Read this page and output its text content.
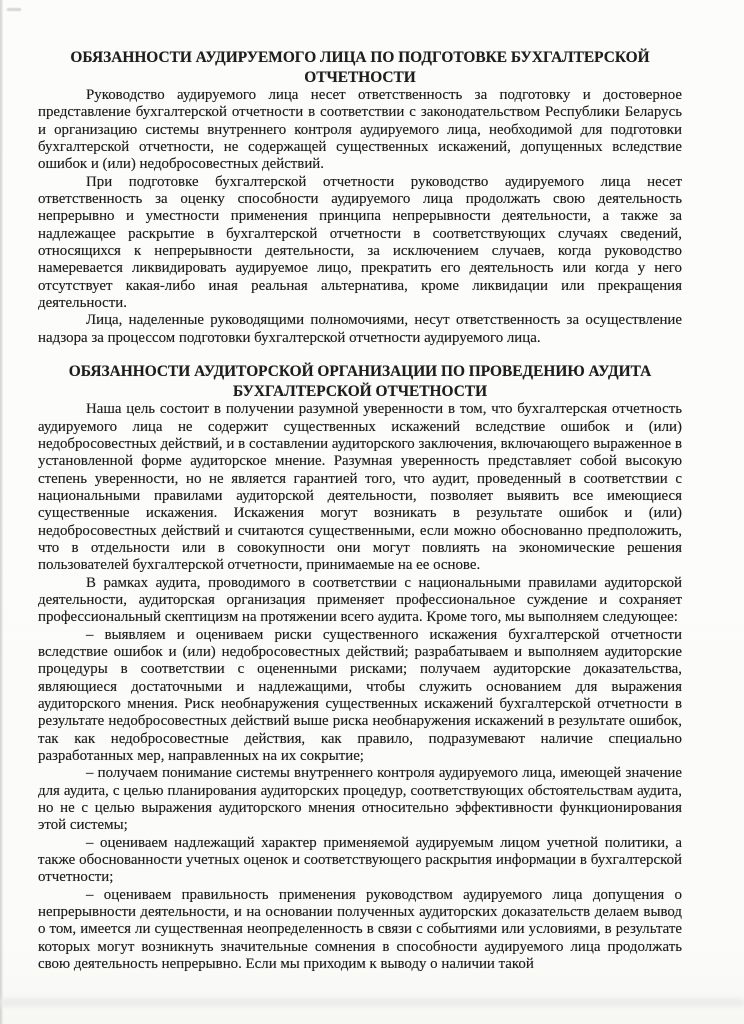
ОБЯЗАННОСТИ АУДИРУЕМОГО ЛИЦА ПО ПОДГОТОВКЕ БУХГАЛТЕРСКОЙ ОТЧЕТНОСТИ

Руководство аудируемого лица несет ответственность за подготовку и достоверное представление бухгалтерской отчетности в соответствии с законодательством Республики Беларусь и организацию системы внутреннего контроля аудируемого лица, необходимой для подготовки бухгалтерской отчетности, не содержащей существенных искажений, допущенных вследствие ошибок и (или) недобросовестных действий.

При подготовке бухгалтерской отчетности руководство аудируемого лица несет ответственность за оценку способности аудируемого лица продолжать свою деятельность непрерывно и уместности применения принципа непрерывности деятельности, а также за надлежащее раскрытие в бухгалтерской отчетности в соответствующих случаях сведений, относящихся к непрерывности деятельности, за исключением случаев, когда руководство намеревается ликвидировать аудируемое лицо, прекратить его деятельность или когда у него отсутствует какая-либо иная реальная альтернатива, кроме ликвидации или прекращения деятельности.

Лица, наделенные руководящими полномочиями, несут ответственность за осуществление надзора за процессом подготовки бухгалтерской отчетности аудируемого лица.

ОБЯЗАННОСТИ АУДИТОРСКОЙ ОРГАНИЗАЦИИ ПО ПРОВЕДЕНИЮ АУДИТА БУХГАЛТЕРСКОЙ ОТЧЕТНОСТИ

Наша цель состоит в получении разумной уверенности в том, что бухгалтерская отчетность аудируемого лица не содержит существенных искажений вследствие ошибок и (или) недобросовестных действий, и в составлении аудиторского заключения, включающего выраженное в установленной форме аудиторское мнение. Разумная уверенность представляет собой высокую степень уверенности, но не является гарантией того, что аудит, проведенный в соответствии с национальными правилами аудиторской деятельности, позволяет выявить все имеющиеся существенные искажения. Искажения могут возникать в результате ошибок и (или) недобросовестных действий и считаются существенными, если можно обоснованно предположить, что в отдельности или в совокупности они могут повлиять на экономические решения пользователей бухгалтерской отчетности, принимаемые на ее основе.

В рамках аудита, проводимого в соответствии с национальными правилами аудиторской деятельности, аудиторская организация применяет профессиональное суждение и сохраняет профессиональный скептицизм на протяжении всего аудита. Кроме того, мы выполняем следующее:

– выявляем и оцениваем риски существенного искажения бухгалтерской отчетности вследствие ошибок и (или) недобросовестных действий; разрабатываем и выполняем аудиторские процедуры в соответствии с оцененными рисками; получаем аудиторские доказательства, являющиеся достаточными и надлежащими, чтобы служить основанием для выражения аудиторского мнения. Риск необнаружения существенных искажений бухгалтерской отчетности в результате недобросовестных действий выше риска необнаружения искажений в результате ошибок, так как недобросовестные действия, как правило, подразумевают наличие специально разработанных мер, направленных на их сокрытие;

– получаем понимание системы внутреннего контроля аудируемого лица, имеющей значение для аудита, с целью планирования аудиторских процедур, соответствующих обстоятельствам аудита, но не с целью выражения аудиторского мнения относительно эффективности функционирования этой системы;

– оцениваем надлежащий характер применяемой аудируемым лицом учетной политики, а также обоснованности учетных оценок и соответствующего раскрытия информации в бухгалтерской отчетности;

– оцениваем правильность применения руководством аудируемого лица допущения о непрерывности деятельности, и на основании полученных аудиторских доказательств делаем вывод о том, имеется ли существенная неопределенность в связи с событиями или условиями, в результате которых могут возникнуть значительные сомнения в способности аудируемого лица продолжать свою деятельность непрерывно. Если мы приходим к выводу о наличии такой
